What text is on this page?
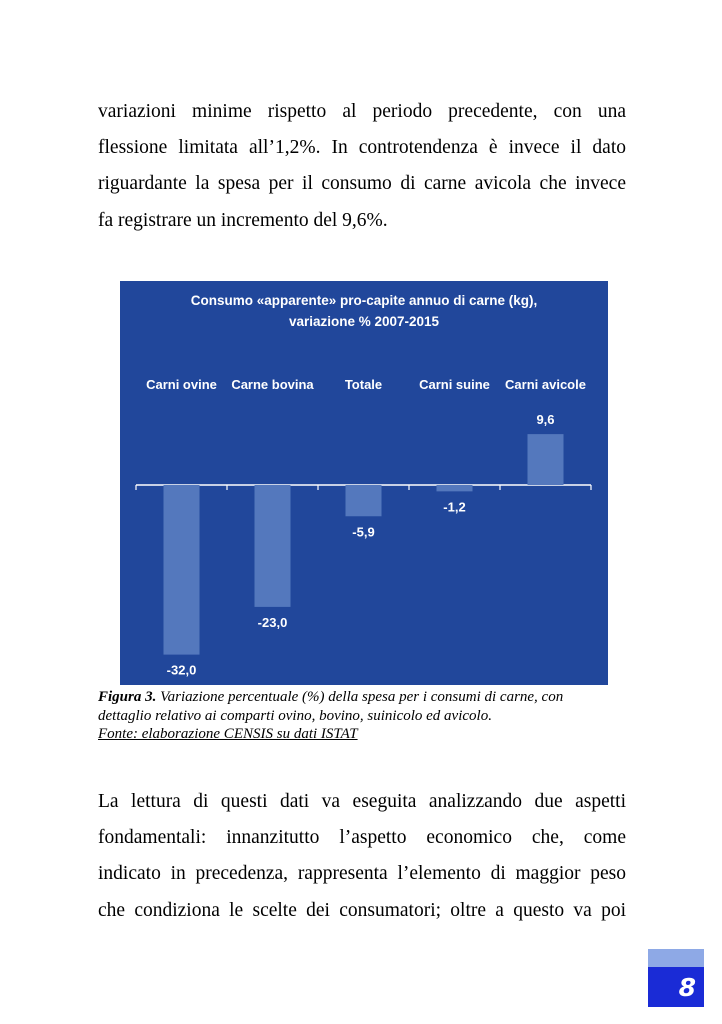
variazioni minime rispetto al periodo precedente, con una
flessione limitata all’1,2%. In controtendenza è invece il dato
riguardante la spesa per il consumo di carne avicola che invece
fa registrare un incremento del 9,6%.
Consumo «apparente» pro-capite annuo di carne (kg),
variazione % 2007-2015
Carni ovine
-32,0
Carne bovina
-23,0
Totale
-5,9
Carni suine
-1,2
Carni avicole
9,6
Figura 3. Variazione percentuale (%) della spesa per i consumi di carne, con
dettaglio relativo ai comparti ovino, bovino, suinicolo ed avicolo.
Fonte: elaborazione CENSIS su dati ISTAT
La lettura di questi dati va eseguita analizzando due aspetti
fondamentali: innanzitutto l’aspetto economico che, come
indicato in precedenza, rappresenta l’elemento di maggior peso
che condiziona le scelte dei consumatori; oltre a questo va poi
8
